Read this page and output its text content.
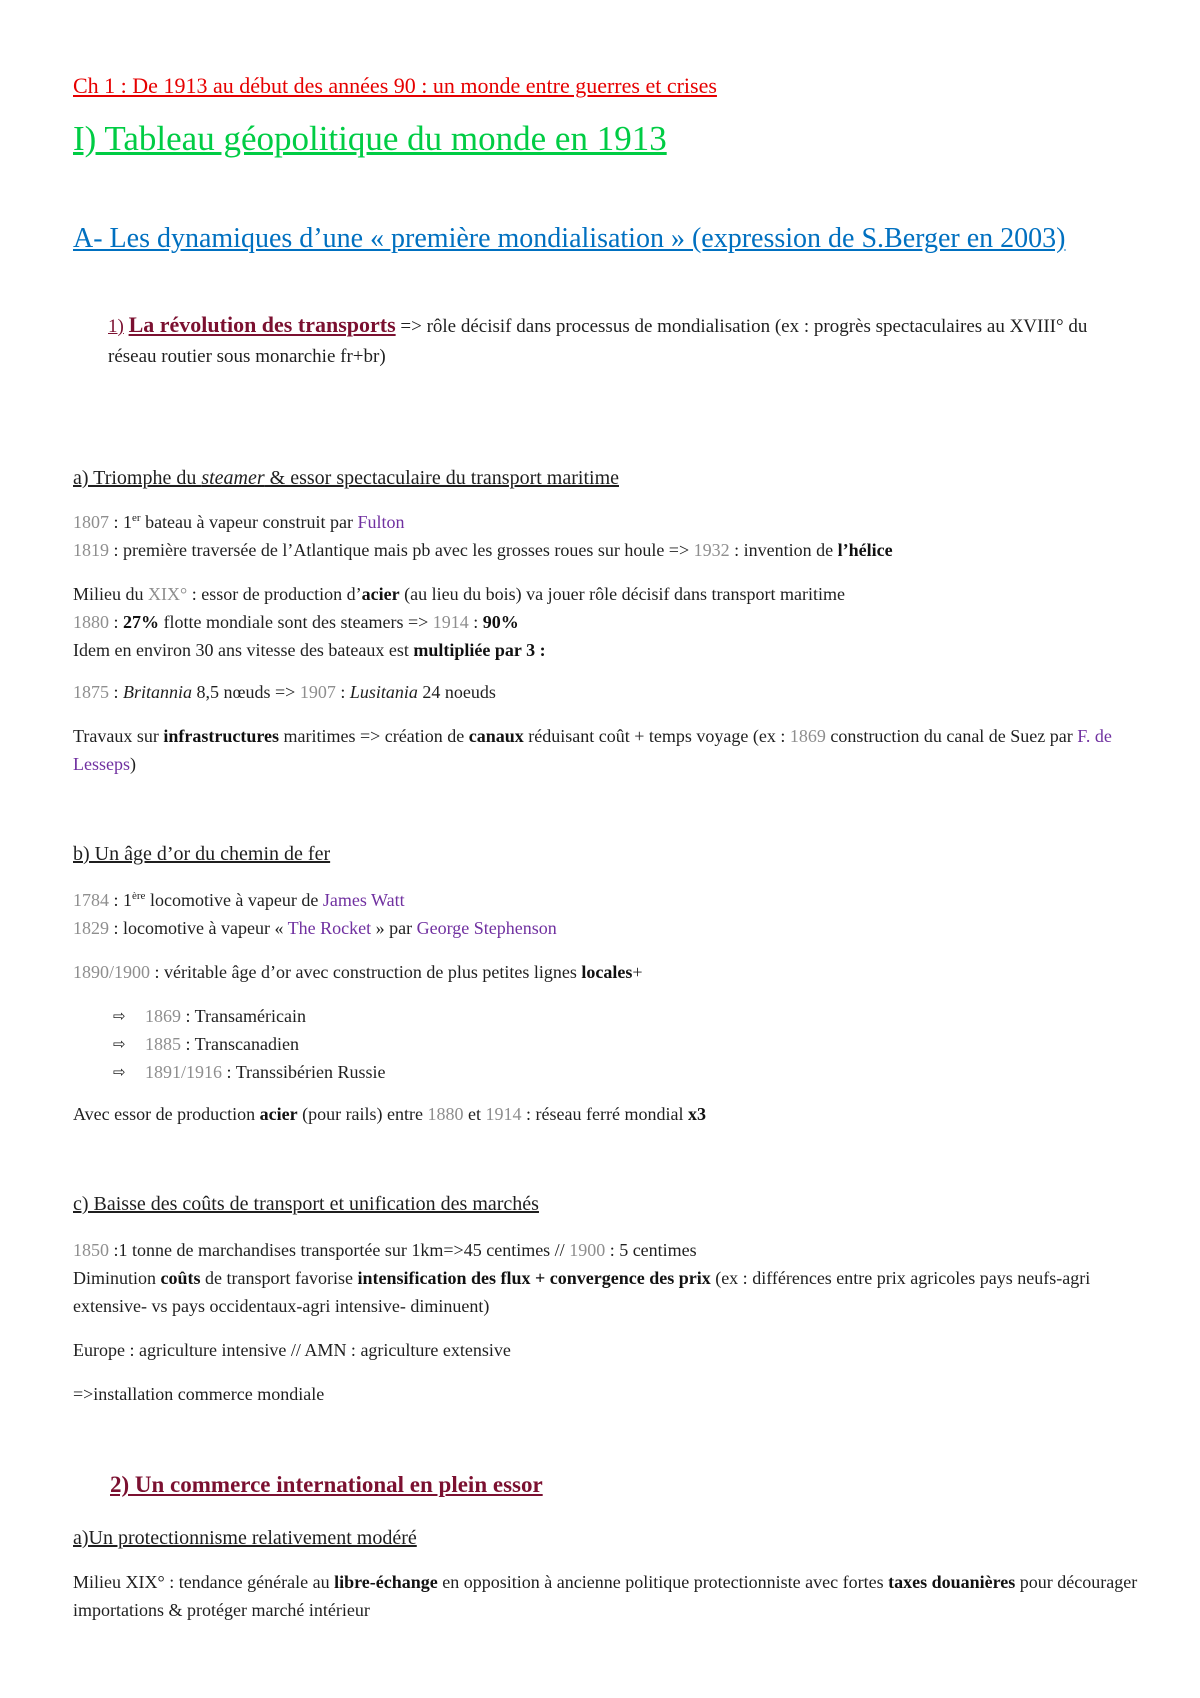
Ch 1 : De 1913 au début des années 90 : un monde entre guerres et crises
I) Tableau géopolitique du monde en 1913
A- Les dynamiques d’une « première mondialisation » (expression de S.Berger en 2003)
1) La révolution des transports => rôle décisif dans processus de mondialisation (ex : progrès spectaculaires au XVIII° du réseau routier sous monarchie fr+br)
a) Triomphe du steamer & essor spectaculaire du transport maritime
1807 : 1er bateau à vapeur construit par Fulton
1819 : première traversée de l’Atlantique mais pb avec les grosses roues sur houle => 1932 : invention de l’hélice
Milieu du XIX° : essor de production d’acier (au lieu du bois) va jouer rôle décisif dans transport maritime
1880 : 27% flotte mondiale sont des steamers => 1914 : 90%
Idem en environ 30 ans vitesse des bateaux est multipliée par 3 :
1875 : Britannia 8,5 nœuds => 1907 : Lusitania 24 noeuds
Travaux sur infrastructures maritimes => création de canaux réduisant coût + temps voyage (ex : 1869 construction du canal de Suez par F. de Lesseps)
b) Un âge d’or du chemin de fer
1784 : 1ère locomotive à vapeur de James Watt
1829 : locomotive à vapeur « The Rocket » par George Stephenson
1890/1900 : véritable âge d’or avec construction de plus petites lignes locales+
⇨ 1869 : Transaméricain
⇨ 1885 : Transcanadien
⇨ 1891/1916 : Transsibérien Russie
Avec essor de production acier (pour rails) entre 1880 et 1914 : réseau ferré mondial x3
c) Baisse des coûts de transport et unification des marchés
1850 :1 tonne de marchandises transportée sur 1km=>45 centimes // 1900 : 5 centimes
Diminution coûts de transport favorise intensification des flux + convergence des prix (ex : différences entre prix agricoles pays neufs-agri extensive- vs pays occidentaux-agri intensive- diminuent)
Europe : agriculture intensive // AMN : agriculture extensive
=>installation commerce mondiale
2) Un commerce international en plein essor
a)Un protectionnisme relativement modéré
Milieu XIX° : tendance générale au libre-échange en opposition à ancienne politique protectionniste avec fortes taxes douanières pour décourager importations & protéger marché intérieur
